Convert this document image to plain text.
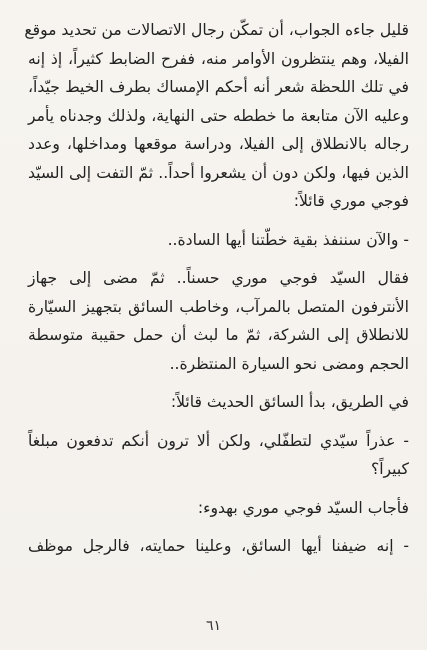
قليل جاءه الجواب، أن تمكّن رجال الاتصالات من تحديد موقع
الفيلا، وهم ينتظرون الأوامر منه، ففرح الضابط كثيراً، إذ إنه
في تلك اللحظة شعر أنه أحكم الإمساك بطرف الخيط جيّداً،
وعليه الآن متابعة ما خططه حتى النهاية، ولذلك وجدناه يأمر
رجاله بالانطلاق إلى الفيلا، ودراسة موقعها ومداخلها، وعدد
الذين فيها، ولكن دون أن يشعروا أحداً.. ثمّ التفت إلى السيّد
فوجي موري قائلاً:
- والآن سننفذ بقية خطّتنا أيها السادة..
فقال السيّد فوجي موري حسناً.. ثمّ مضى إلى جهاز
الأنترفون المتصل بالمرآب، وخاطب السائق بتجهيز السيّارة
للانطلاق إلى الشركة، ثمّ ما لبث أن حمل حقيبة متوسطة
الحجم ومضى نحو السيارة المنتظرة..
في الطريق، بدأ السائق الحديث قائلاً:
- عذراً سيّدي لتطفّلي، ولكن ألا ترون أنكم تدفعون مبلغاً
كبيراً؟
فأجاب السيّد فوجي موري بهدوء:
- إنه ضيفنا أيها السائق، وعلينا حمايته، فالرجل موظف
٦١
